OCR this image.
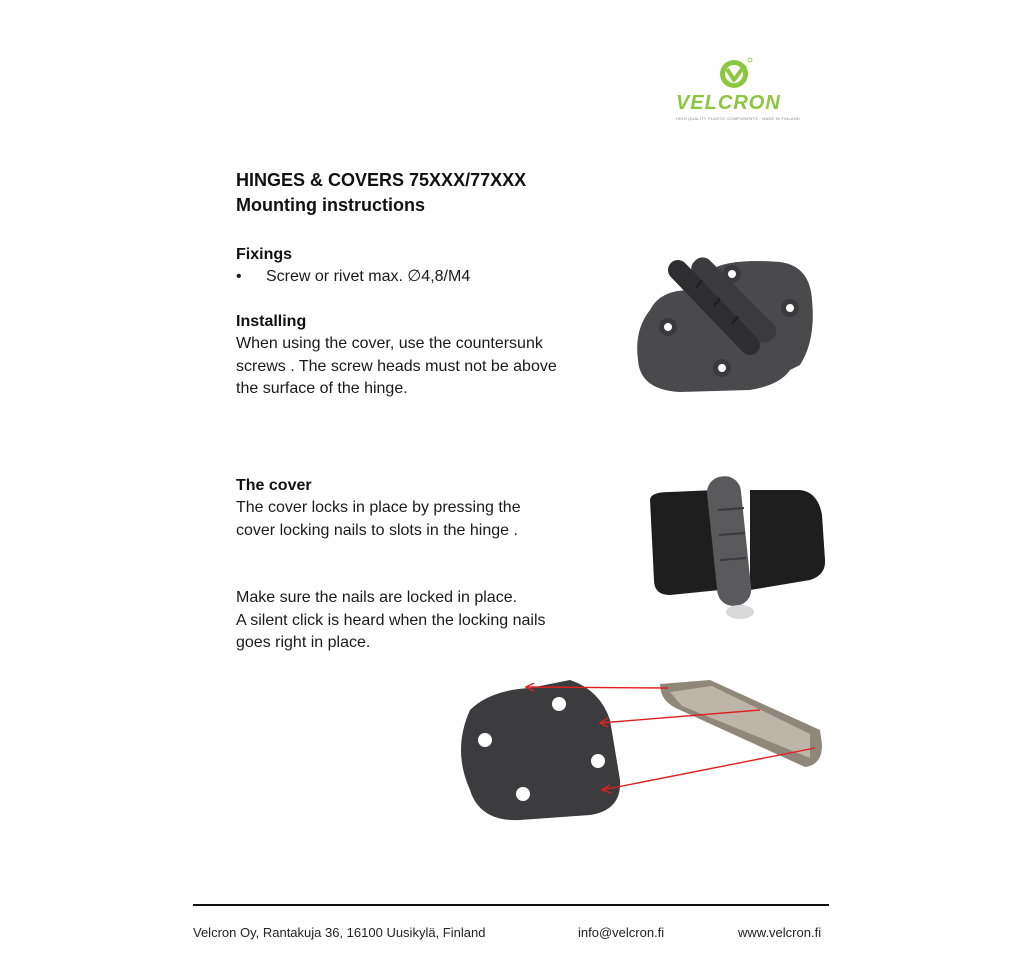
VELCRON
HIGH QUALITY PLASTIC COMPONENTS · MADE IN FINLAND
HINGES & COVERS 75XXX/77XXX
Mounting instructions
Fixings
•	Screw or rivet max. ∅4,8/M4
Installing
When using the cover, use the countersunk
screws . The screw heads must not be above
the surface of the hinge.
The cover
The cover locks in place by pressing the
cover locking nails to slots in the hinge .
Make sure the nails are locked in place.
A silent click is heard when the locking nails
goes right in place.
Velcron Oy, Rantakuja 36, 16100 Uusikylä, Finland	info@velcron.fi	www.velcron.fi
